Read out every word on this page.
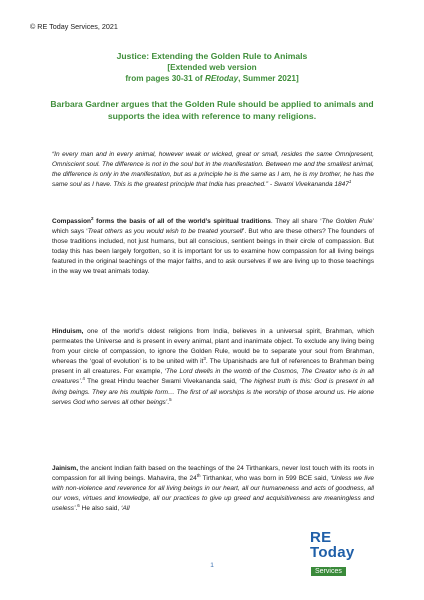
© RE Today Services, 2021
Justice: Extending the Golden Rule to Animals
[Extended web version
from pages 30-31 of REtoday, Summer 2021]
Barbara Gardner argues that the Golden Rule should be applied to animals and supports the idea with reference to many religions.
“In every man and in every animal, however weak or wicked, great or small, resides the same Omnipresent, Omniscient soul. The difference is not in the soul but in the manifestation. Between me and the smallest animal, the difference is only in the manifestation, but as a principle he is the same as I am, he is my brother, he has the same soul as I have. This is the greatest principle that India has preached.” - Swami Vivekananda 1847$^1$
Compassion$^2$ forms the basis of all of the world’s spiritual traditions. They all share ‘The Golden Rule’ which says ‘Treat others as you would wish to be treated yourself’. But who are these others? The founders of those traditions included, not just humans, but all conscious, sentient beings in their circle of compassion. But today this has been largely forgotten, so it is important for us to examine how compassion for all living beings featured in the original teachings of the major faiths, and to ask ourselves if we are living up to those teachings in the way we treat animals today.
Hinduism, one of the world’s oldest religions from India, believes in a universal spirit, Brahman, which permeates the Universe and is present in every animal, plant and inanimate object. To exclude any living being from your circle of compassion, to ignore the Golden Rule, would be to separate your soul from Brahman, whereas the ‘goal of evolution’ is to be united with $it^3$. The Upanishads are full of references to Brahman being present in all creatures. For example, ‘The Lord dwells in the womb of the Cosmos, The Creator who is in all creatures’.$^4$ The great Hindu teacher Swami Vivekananda said, ‘The highest truth is this: God is present in all living beings. They are his multiple form… The first of all worships is the worship of those around us. He alone serves God who serves all other beings’.$^5$
Jainism, the ancient Indian faith based on the teachings of the 24 Tirthankars, never lost touch with its roots in compassion for all living beings. Mahavira, the 24th Tirthankar, who was born in 599 BCE said, ‘Unless we live with non-violence and reverence for all living beings in our heart, all our humaneness and acts of goodness, all our vows, virtues and knowledge, all our practices to give up greed and acquisitiveness are meaningless and useless’.$^6$ He also said, ‘All
RE Today
Services
1
